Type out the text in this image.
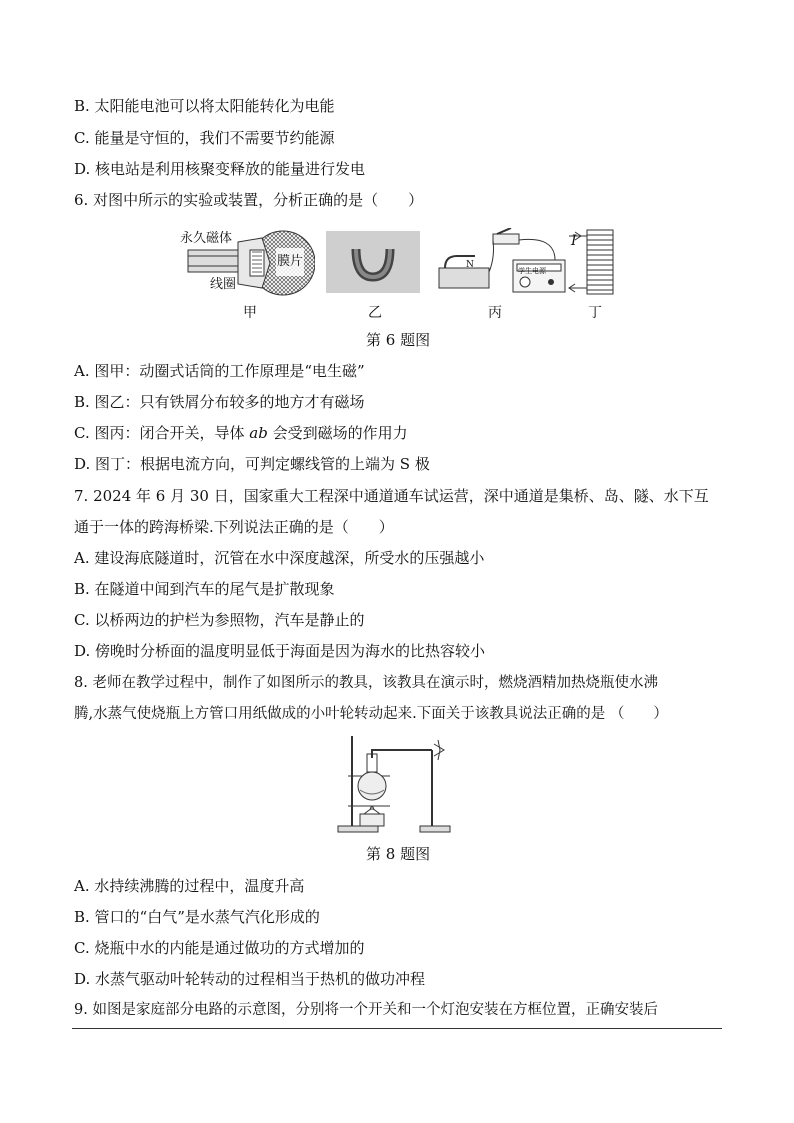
B. 太阳能电池可以将太阳能转化为电能
C. 能量是守恒的，我们不需要节约能源
D. 核电站是利用核聚变释放的能量进行发电
6. 对图中所示的实验或装置，分析正确的是（　　）
永久磁体
膜片
线圈
N
学生电源
I
甲	乙	丙	丁
第 6 题图
A. 图甲：动圈式话筒的工作原理是“电生磁”
B. 图乙：只有铁屑分布较多的地方才有磁场
C. 图丙：闭合开关，导体 ab 会受到磁场的作用力
D. 图丁：根据电流方向，可判定螺线管的上端为 S 极
7. 2024 年 6 月 30 日，国家重大工程深中通道通车试运营，深中通道是集桥、岛、隧、水下互
通于一体的跨海桥梁.下列说法正确的是（　　）
A. 建设海底隧道时，沉管在水中深度越深，所受水的压强越小
B. 在隧道中闻到汽车的尾气是扩散现象
C. 以桥两边的护栏为参照物，汽车是静止的
D. 傍晚时分桥面的温度明显低于海面是因为海水的比热容较小
8. 老师在教学过程中，制作了如图所示的教具，该教具在演示时，燃烧酒精加热烧瓶使水沸
腾,水蒸气使烧瓶上方管口用纸做成的小叶轮转动起来.下面关于该教具说法正确的是 （　　）
第 8 题图
A. 水持续沸腾的过程中，温度升高
B. 管口的“白气”是水蒸气汽化形成的
C. 烧瓶中水的内能是通过做功的方式增加的
D. 水蒸气驱动叶轮转动的过程相当于热机的做功冲程
9. 如图是家庭部分电路的示意图，分别将一个开关和一个灯泡安装在方框位置，正确安装后
